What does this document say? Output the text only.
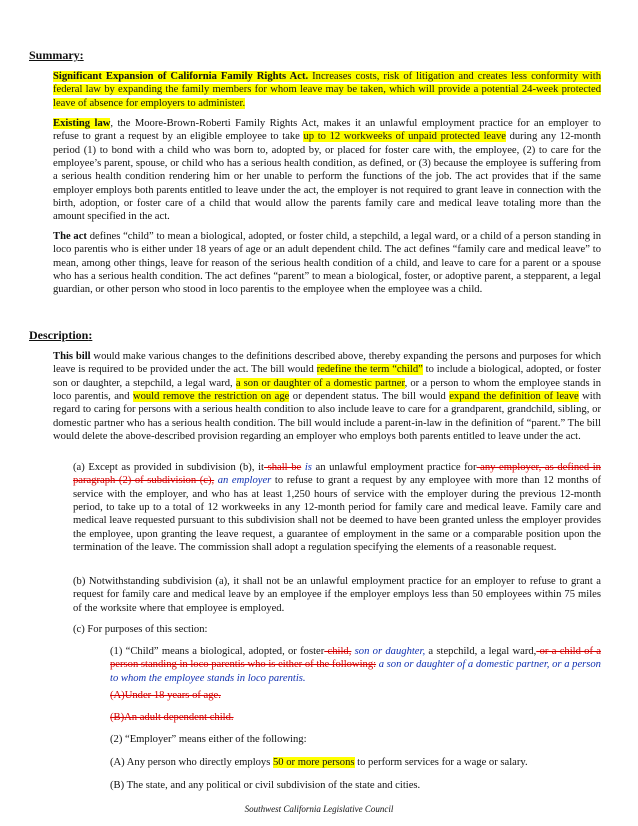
Summary:

Significant Expansion of California Family Rights Act. Increases costs, risk of litigation and creates less conformity with federal law by expanding the family members for whom leave may be taken, which will provide a potential 24-week protected leave of absence for employers to administer.

Existing law, the Moore-Brown-Roberti Family Rights Act, makes it an unlawful employment practice for an employer to refuse to grant a request by an eligible employee to take up to 12 workweeks of unpaid protected leave during any 12-month period (1) to bond with a child who was born to, adopted by, or placed for foster care with, the employee, (2) to care for the employee’s parent, spouse, or child who has a serious health condition, as defined, or (3) because the employee is suffering from a serious health condition rendering him or her unable to perform the functions of the job. The act provides that if the same employer employs both parents entitled to leave under the act, the employer is not required to grant leave in connection with the birth, adoption, or foster care of a child that would allow the parents family care and medical leave totaling more than the amount specified in the act.

The act defines “child” to mean a biological, adopted, or foster child, a stepchild, a legal ward, or a child of a person standing in loco parentis who is either under 18 years of age or an adult dependent child. The act defines “family care and medical leave” to mean, among other things, leave for reason of the serious health condition of a child, and leave to care for a parent or a spouse who has a serious health condition. The act defines “parent” to mean a biological, foster, or adoptive parent, a stepparent, a legal guardian, or other person who stood in loco parentis to the employee when the employee was a child.

Description:

This bill would make various changes to the definitions described above, thereby expanding the persons and purposes for which leave is required to be provided under the act. The bill would redefine the term “child” to include a biological, adopted, or foster son or daughter, a stepchild, a legal ward, a son or daughter of a domestic partner, or a person to whom the employee stands in loco parentis, and would remove the restriction on age or dependent status. The bill would expand the definition of leave with regard to caring for persons with a serious health condition to also include leave to care for a grandparent, grandchild, sibling, or domestic partner who has a serious health condition. The bill would include a parent-in-law in the definition of “parent.” The bill would delete the above-described provision regarding an employer who employs both parents entitled to leave under the act.

(a) Except as provided in subdivision (b), it shall be is an unlawful employment practice for any employer, as defined in paragraph (2) of subdivision (c), an employer to refuse to grant a request by any employee with more than 12 months of service with the employer, and who has at least 1,250 hours of service with the employer during the previous 12-month period, to take up to a total of 12 workweeks in any 12-month period for family care and medical leave. Family care and medical leave requested pursuant to this subdivision shall not be deemed to have been granted unless the employer provides the employee, upon granting the leave request, a guarantee of employment in the same or a comparable position upon the termination of the leave. The commission shall adopt a regulation specifying the elements of a reasonable request.

(b) Notwithstanding subdivision (a), it shall not be an unlawful employment practice for an employer to refuse to grant a request for family care and medical leave by an employee if the employer employs less than 50 employees within 75 miles of the worksite where that employee is employed.

(c) For purposes of this section:

(1) “Child” means a biological, adopted, or foster child, son or daughter, a stepchild, a legal ward, or a child of a person standing in loco parentis who is either of the following: a son or daughter of a domestic partner, or a person to whom the employee stands in loco parentis.

(A)Under 18 years of age.

(B)An adult dependent child.

(2) “Employer” means either of the following:

(A) Any person who directly employs 50 or more persons to perform services for a wage or salary.

(B) The state, and any political or civil subdivision of the state and cities.

Southwest California Legislative Council
